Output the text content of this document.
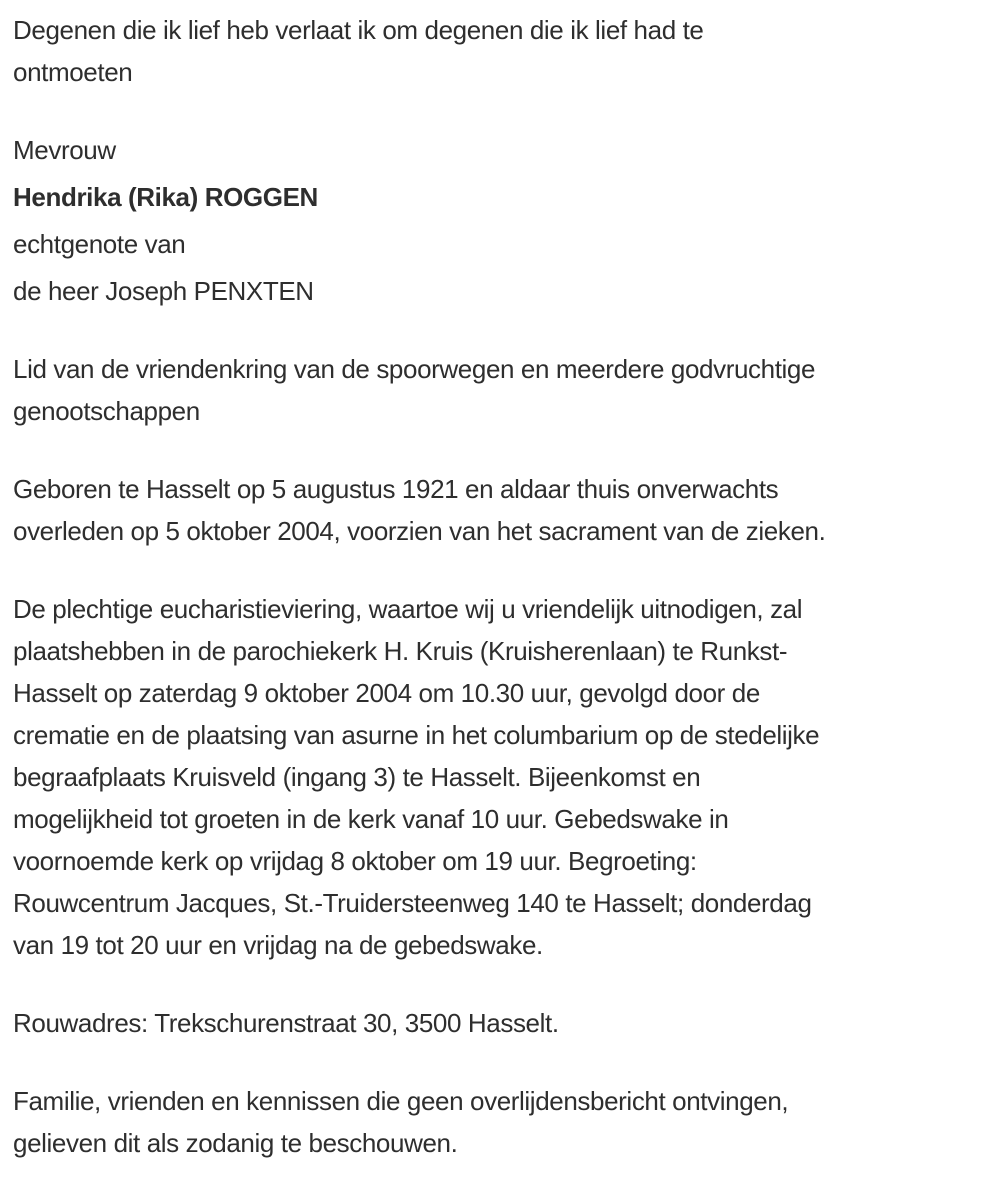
Degenen die ik lief heb verlaat ik om degenen die ik lief had te
ontmoeten

Mevrouw

Hendrika (Rika) ROGGEN

echtgenote van

de heer Joseph PENXTEN

Lid van de vriendenkring van de spoorwegen en meerdere godvruchtige
genootschappen

Geboren te Hasselt op 5 augustus 1921 en aldaar thuis onverwachts
overleden op 5 oktober 2004, voorzien van het sacrament van de zieken.

De plechtige eucharistieviering, waartoe wij u vriendelijk uitnodigen, zal
plaatshebben in de parochiekerk H. Kruis (Kruisherenlaan) te Runkst-
Hasselt op zaterdag 9 oktober 2004 om 10.30 uur, gevolgd door de
crematie en de plaatsing van asurne in het columbarium op de stedelijke
begraafplaats Kruisveld (ingang 3) te Hasselt. Bijeenkomst en
mogelijkheid tot groeten in de kerk vanaf 10 uur. Gebedswake in
voornoemde kerk op vrijdag 8 oktober om 19 uur. Begroeting:
Rouwcentrum Jacques, St.-Truidersteenweg 140 te Hasselt; donderdag
van 19 tot 20 uur en vrijdag na de gebedswake.

Rouwadres: Trekschurenstraat 30, 3500 Hasselt.

Familie, vrienden en kennissen die geen overlijdensbericht ontvingen,
gelieven dit als zodanig te beschouwen.
